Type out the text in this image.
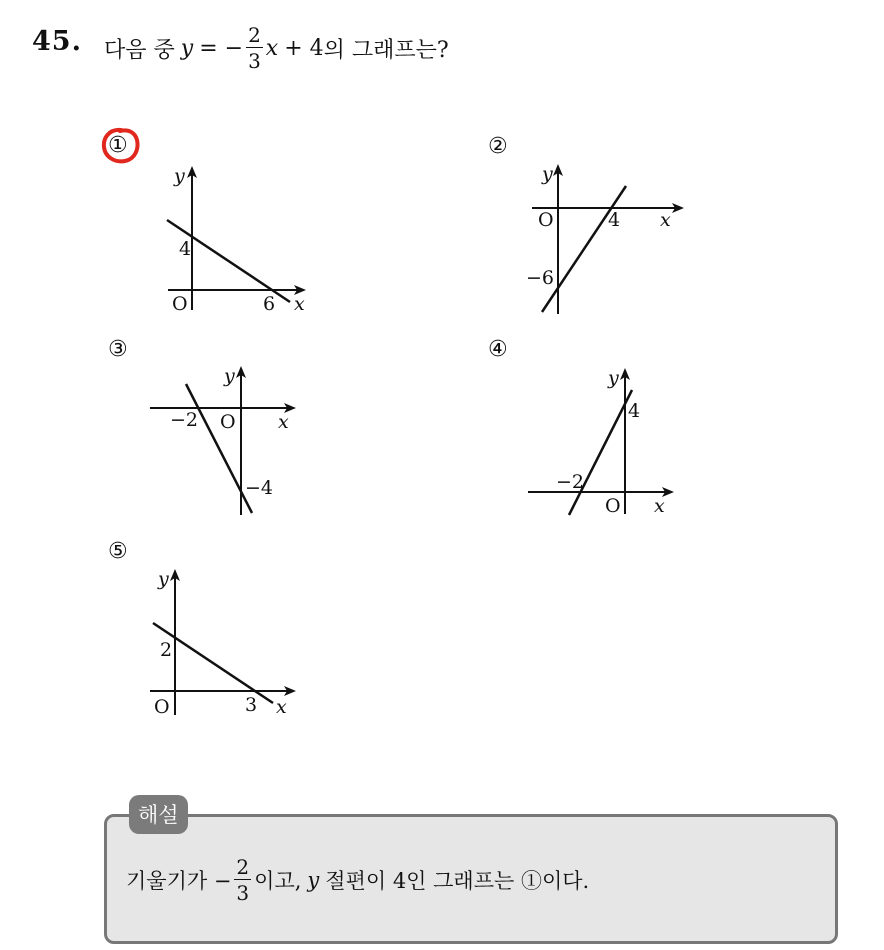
45. 다음 중 y = − $\frac{2}{3}$ x + 4 의 그래프는?
①
y
x
O
4
6
②
y
x
O
−6
4
③
y
x
O
−2
−4
④
y
x
O
4
−2
⑤
y
x
O
2
3
해설
기울기가 − $\frac{2}{3}$ 이고, y 절편이 4인 그래프는 ①이다.
